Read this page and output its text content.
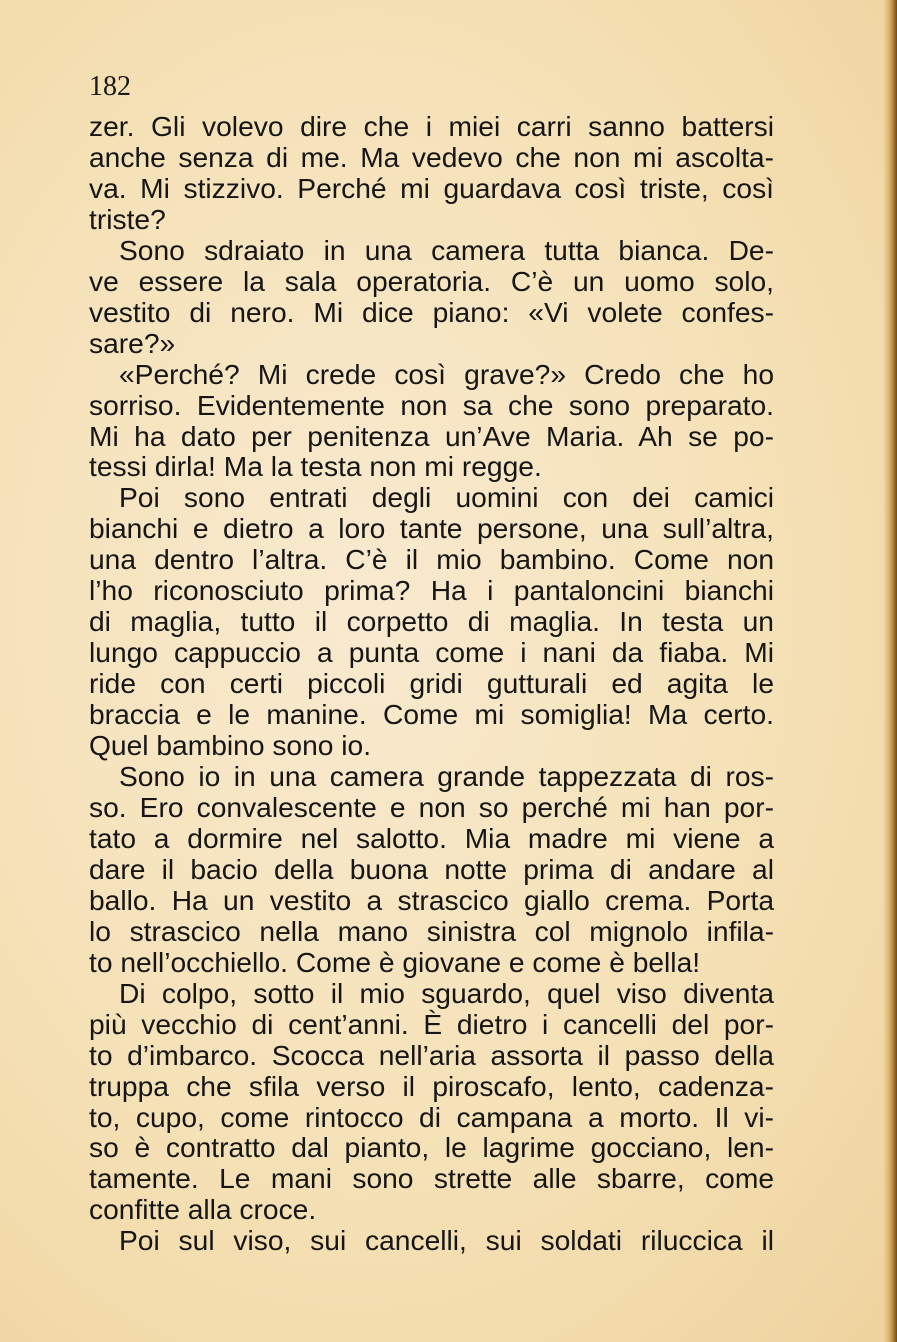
182

zer. Gli volevo dire che i miei carri sanno battersi
anche senza di me. Ma vedevo che non mi ascolta-
va. Mi stizzivo. Perché mi guardava così triste, così
triste?

Sono sdraiato in una camera tutta bianca. De-
ve essere la sala operatoria. C’è un uomo solo,
vestito di nero. Mi dice piano: «Vi volete confes-
sare?»

«Perché? Mi crede così grave?» Credo che ho
sorriso. Evidentemente non sa che sono preparato.
Mi ha dato per penitenza un’Ave Maria. Ah se po-
tessi dirla! Ma la testa non mi regge.

Poi sono entrati degli uomini con dei camici
bianchi e dietro a loro tante persone, una sull’altra,
una dentro l’altra. C’è il mio bambino. Come non
l’ho riconosciuto prima? Ha i pantaloncini bianchi
di maglia, tutto il corpetto di maglia. In testa un
lungo cappuccio a punta come i nani da fiaba. Mi
ride con certi piccoli gridi gutturali ed agita le
braccia e le manine. Come mi somiglia! Ma certo.
Quel bambino sono io.

Sono io in una camera grande tappezzata di ros-
so. Ero convalescente e non so perché mi han por-
tato a dormire nel salotto. Mia madre mi viene a
dare il bacio della buona notte prima di andare al
ballo. Ha un vestito a strascico giallo crema. Porta
lo strascico nella mano sinistra col mignolo infila-
to nell’occhiello. Come è giovane e come è bella!

Di colpo, sotto il mio sguardo, quel viso diventa
più vecchio di cent’anni. È dietro i cancelli del por-
to d’imbarco. Scocca nell’aria assorta il passo della
truppa che sfila verso il piroscafo, lento, cadenza-
to, cupo, come rintocco di campana a morto. Il vi-
so è contratto dal pianto, le lagrime gocciano, len-
tamente. Le mani sono strette alle sbarre, come
confitte alla croce.

Poi sul viso, sui cancelli, sui soldati riluccica il
